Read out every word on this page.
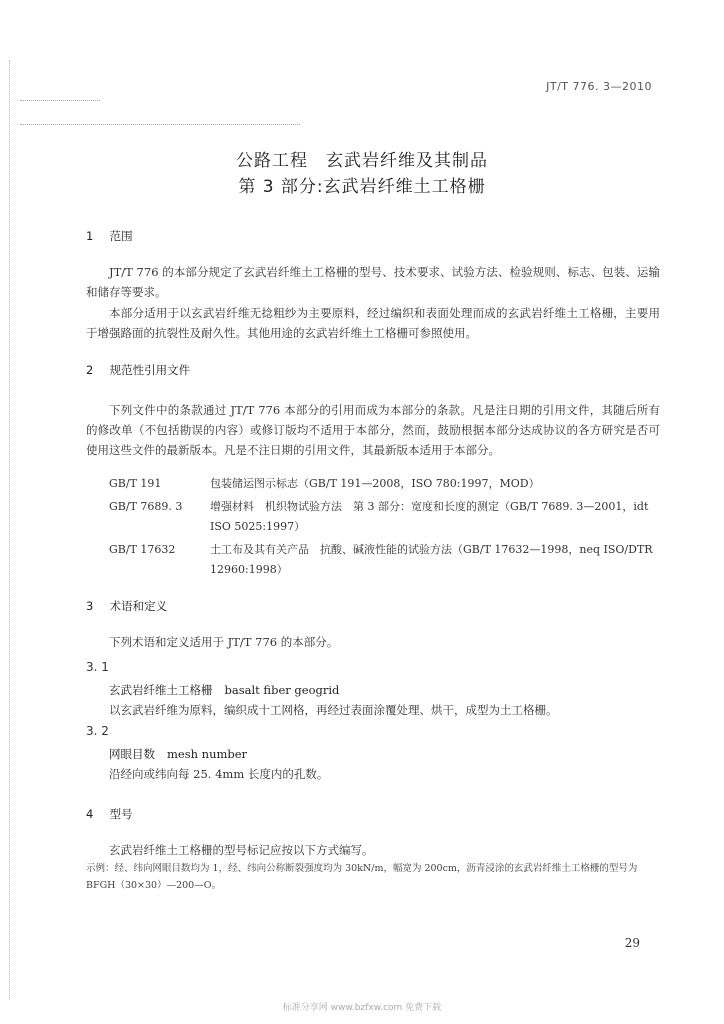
JT/T 776. 3—2010
公路工程　玄武岩纤维及其制品
第 3 部分:玄武岩纤维土工格栅
1 范围
JT/T 776 的本部分规定了玄武岩纤维土工格栅的型号、技术要求、试验方法、检验规则、标志、包装、运输和储存等要求。
本部分适用于以玄武岩纤维无捻粗纱为主要原料，经过编织和表面处理而成的玄武岩纤维土工格栅，主要用于增强路面的抗裂性及耐久性。其他用途的玄武岩纤维土工格栅可参照使用。
2 规范性引用文件
下列文件中的条款通过 JT/T 776 本部分的引用而成为本部分的条款。凡是注日期的引用文件，其随后所有的修改单（不包括勘误的内容）或修订版均不适用于本部分，然而，鼓励根据本部分达成协议的各方研究是否可使用这些文件的最新版本。凡是不注日期的引用文件，其最新版本适用于本部分。
GB/T 191	包装储运图示标志（GB/T 191—2008，ISO 780:1997，MOD）
GB/T 7689. 3	增强材料　机织物试验方法　第 3 部分：宽度和长度的测定（GB/T 7689. 3—2001，idt ISO 5025:1997）
GB/T 17632	土工布及其有关产品　抗酸、碱液性能的试验方法（GB/T 17632—1998，neq ISO/DTR 12960:1998）
3 术语和定义
下列术语和定义适用于 JT/T 776 的本部分。
3. 1
玄武岩纤维土工格栅 basalt fiber geogrid
以玄武岩纤维为原料，编织成十工网格，再经过表面涂覆处理、烘干，成型为土工格栅。
3. 2
网眼目数 mesh number
沿经向或纬向每 25. 4mm 长度内的孔数。
4 型号
玄武岩纤维土工格栅的型号标记应按以下方式编写。
示例：经、纬向网眼目数均为 1，经、纬向公称断裂强度均为 30kN/m，幅宽为 200cm，沥青浸涂的玄武岩纤维土工格栅的型号为 BFGH（30×30）—200—O。
29
标准分享网 www.bzfxw.com 免费下载
